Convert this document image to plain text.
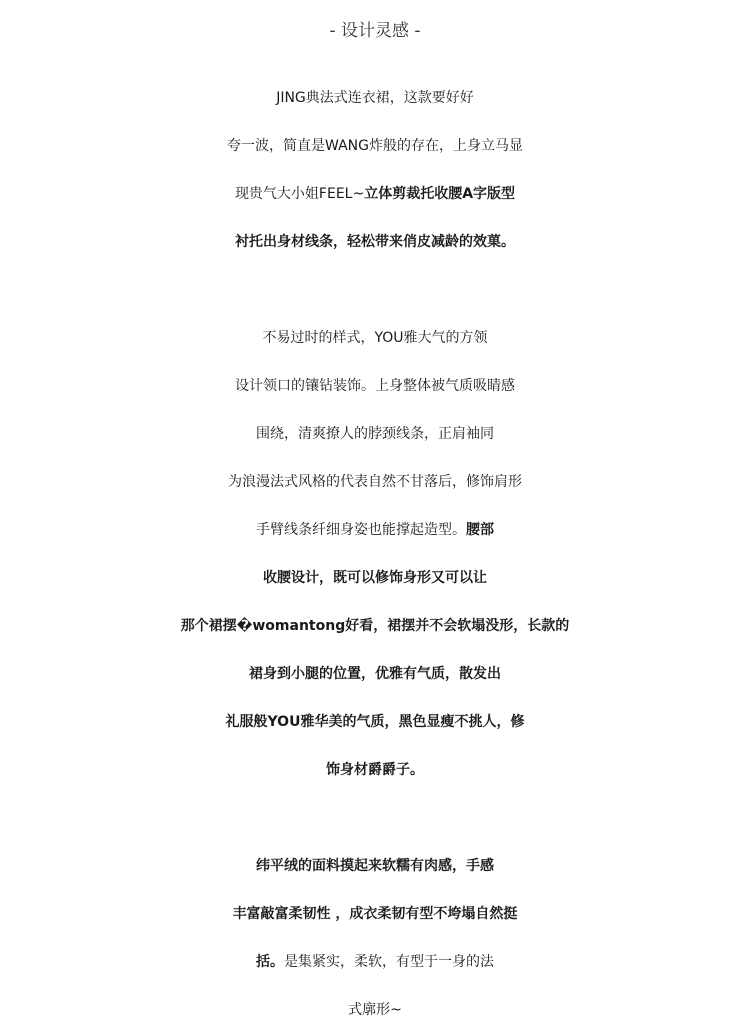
- 设计灵感 -
JING典法式连衣裙，这款要好好
夸一波，简直是WANG炸般的存在，上身立马显
现贵气大小姐FEEL~立体剪裁托收腰A字版型
衬托出身材线条，轻松带来俏皮减龄的效菓。
不易过时的样式，YOU雅大气的方领
设计领口的镶钻装饰。上身整体被气质吸睛感
围绕，清爽撩人的脖颈线条，正肩袖同
为浪漫法式风格的代表自然不甘落后，修饰肩形
手臂线条纤细身姿也能撑起造型。腰部
收腰设计，既可以修饰身形又可以让
那个裙摆�womantong好看，裙摆并不会软塌没形，长款的
裙身到小腿的位置，优雅有气质，散发出
礼服般YOU雅华美的气质，黑色显瘦不挑人，修
饰身材爵爵子。
纬平绒的面料摸起来软糯有肉感，手感
丰富敲富柔韧性 ，成衣柔韧有型不垮塌自然挺
括。是集紧实，柔软，有型于一身的法
式廓形~
